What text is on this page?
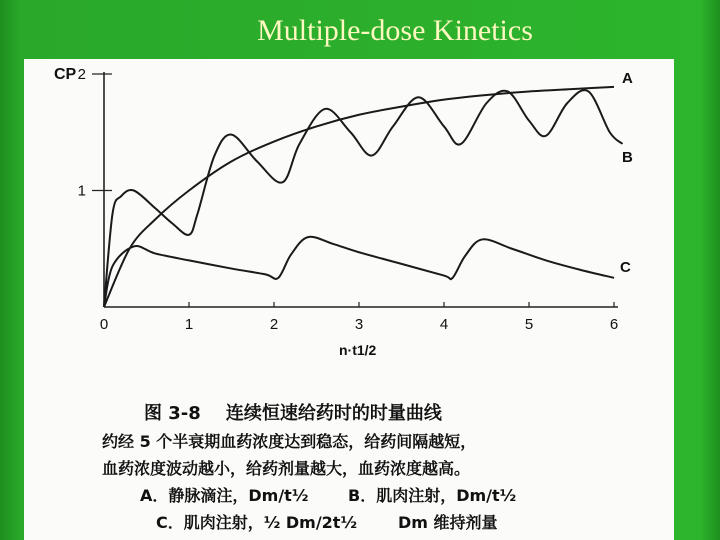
Multiple-dose Kinetics
0	1	2	3	4	5	6
1
2
CP
n·t1/2
A
B
C
图 3-8 连续恒速给药时的时量曲线
约经 5 个半衰期血药浓度达到稳态，给药间隔越短，
血药浓度波动越小，给药剂量越大，血药浓度越高。
A．静脉滴注，Dm/t½ B．肌肉注射，Dm/t½
C．肌肉注射，½ Dm/2t½	Dm 维持剂量
